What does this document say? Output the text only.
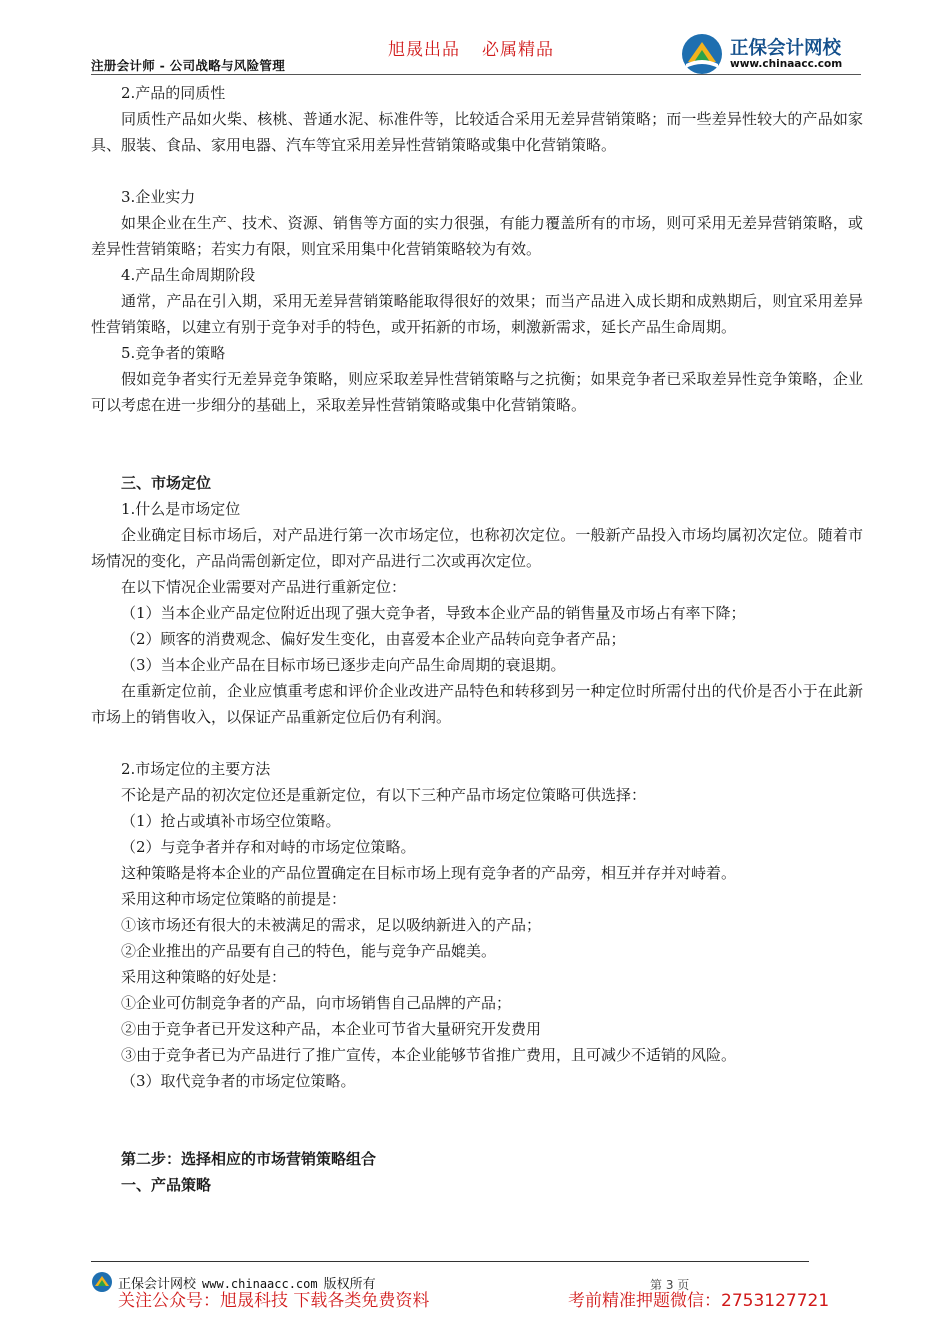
旭晟出品 必属精品
注册会计师 - 公司战略与风险管理
正保会计网校
www.chinaacc.com

2.产品的同质性

同质性产品如火柴、核桃、普通水泥、标准件等，比较适合采用无差异营销策略；而一些差异性较大的产品如家具、服装、食品、家用电器、汽车等宜采用差异性营销策略或集中化营销策略。

3.企业实力

如果企业在生产、技术、资源、销售等方面的实力很强，有能力覆盖所有的市场，则可采用无差异营销策略，或差异性营销策略；若实力有限，则宜采用集中化营销策略较为有效。

4.产品生命周期阶段

通常，产品在引入期，采用无差异营销策略能取得很好的效果；而当产品进入成长期和成熟期后，则宜采用差异性营销策略，以建立有别于竞争对手的特色，或开拓新的市场，刺激新需求，延长产品生命周期。

5.竞争者的策略

假如竞争者实行无差异竞争策略，则应采取差异性营销策略与之抗衡；如果竞争者已采取差异性竞争策略，企业可以考虑在进一步细分的基础上，采取差异性营销策略或集中化营销策略。

三、市场定位

1.什么是市场定位

企业确定目标市场后，对产品进行第一次市场定位，也称初次定位。一般新产品投入市场均属初次定位。随着市场情况的变化，产品尚需创新定位，即对产品进行二次或再次定位。

在以下情况企业需要对产品进行重新定位：

（1）当本企业产品定位附近出现了强大竞争者，导致本企业产品的销售量及市场占有率下降；

（2）顾客的消费观念、偏好发生变化，由喜爱本企业产品转向竞争者产品；

（3）当本企业产品在目标市场已逐步走向产品生命周期的衰退期。

在重新定位前，企业应慎重考虑和评价企业改进产品特色和转移到另一种定位时所需付出的代价是否小于在此新市场上的销售收入，以保证产品重新定位后仍有利润。

2.市场定位的主要方法

不论是产品的初次定位还是重新定位，有以下三种产品市场定位策略可供选择：

（1）抢占或填补市场空位策略。

（2）与竞争者并存和对峙的市场定位策略。

这种策略是将本企业的产品位置确定在目标市场上现有竞争者的产品旁，相互并存并对峙着。

采用这种市场定位策略的前提是：

①该市场还有很大的未被满足的需求，足以吸纳新进入的产品；

②企业推出的产品要有自己的特色，能与竞争产品媲美。

采用这种策略的好处是：

①企业可仿制竞争者的产品，向市场销售自己品牌的产品；

②由于竞争者已开发这种产品，本企业可节省大量研究开发费用

③由于竞争者已为产品进行了推广宣传，本企业能够节省推广费用，且可减少不适销的风险。

（3）取代竞争者的市场定位策略。

第二步：选择相应的市场营销策略组合

一、产品策略

正保会计网校 www.chinaacc.com 版权所有	第 3 页
关注公众号：旭晟科技 下载各类免费资料	考前精准押题微信：2753127721
